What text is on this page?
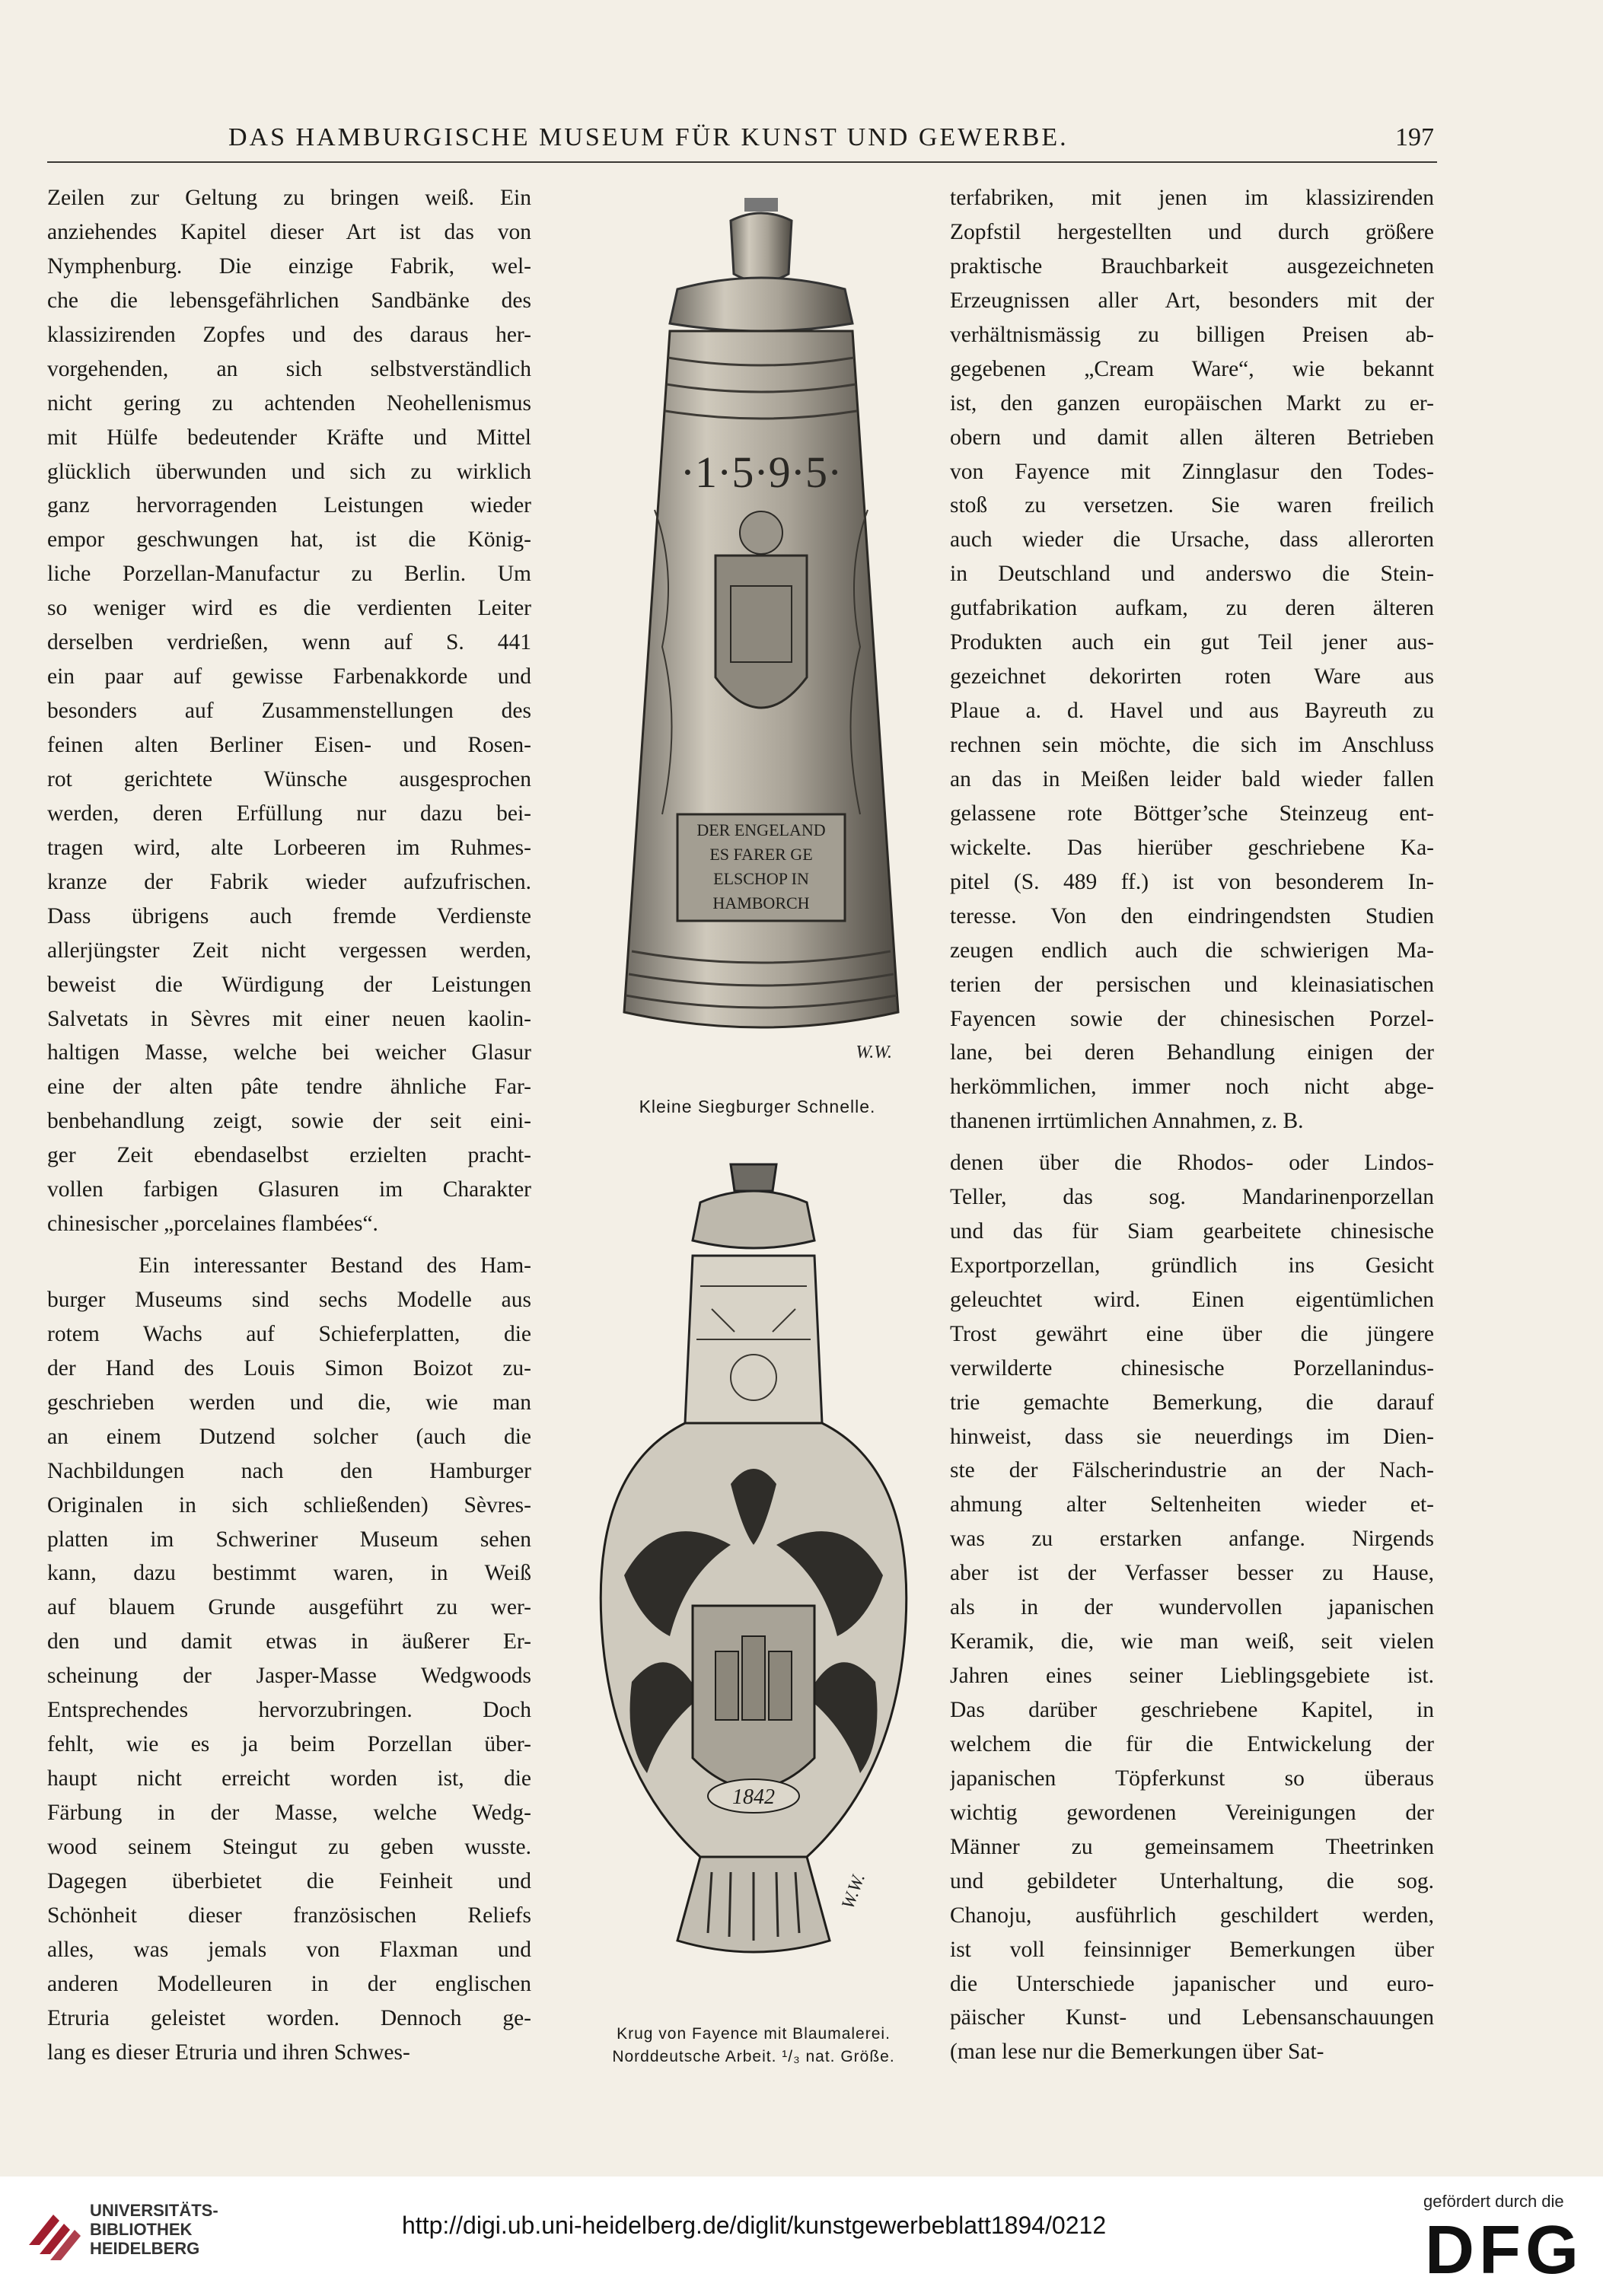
DAS HAMBURGISCHE MUSEUM FÜR KUNST UND GEWERBE.	197
Zeilen zur Geltung zu bringen weiß. Ein
anziehendes Kapitel dieser Art ist das von
Nymphenburg. Die einzige Fabrik, wel-
che die lebensgefährlichen Sandbänke des
klassizirenden Zopfes und des daraus her-
vorgehenden, an sich selbstverständlich
nicht gering zu achtenden Neohellenismus
mit Hülfe bedeutender Kräfte und Mittel
glücklich überwunden und sich zu wirklich
ganz hervorragenden Leistungen wieder
empor geschwungen hat, ist die König-
liche Porzellan-Manufactur zu Berlin. Um
so weniger wird es die verdienten Leiter
derselben verdrießen, wenn auf S. 441
ein paar auf gewisse Farbenakkorde und
besonders auf Zusammenstellungen des
feinen alten Berliner Eisen- und Rosen-
rot gerichtete Wünsche ausgesprochen
werden, deren Erfüllung nur dazu bei-
tragen wird, alte Lorbeeren im Ruhmes-
kranze der Fabrik wieder aufzufrischen.
Dass übrigens auch fremde Verdienste
allerjüngster Zeit nicht vergessen werden,
beweist die Würdigung der Leistungen
Salvetats in Sèvres mit einer neuen kaolin-
haltigen Masse, welche bei weicher Glasur
eine der alten pâte tendre ähnliche Far-
benbehandlung zeigt, sowie der seit eini-
ger Zeit ebendaselbst erzielten pracht-
vollen farbigen Glasuren im Charakter
chinesischer „porcelaines flambées“.
Ein interessanter Bestand des Ham-
burger Museums sind sechs Modelle aus
rotem Wachs auf Schieferplatten, die
der Hand des Louis Simon Boizot zu-
geschrieben werden und die, wie man
an einem Dutzend solcher (auch die
Nachbildungen nach den Hamburger
Originalen in sich schließenden) Sèvres-
platten im Schweriner Museum sehen
kann, dazu bestimmt waren, in Weiß
auf blauem Grunde ausgeführt zu wer-
den und damit etwas in äußerer Er-
scheinung der Jasper-Masse Wedgwoods
Entsprechendes hervorzubringen. Doch
fehlt, wie es ja beim Porzellan über-
haupt nicht erreicht worden ist, die
Färbung in der Masse, welche Wedg-
wood seinem Steingut zu geben wusste.
Dagegen überbietet die Feinheit und
Schönheit dieser französischen Reliefs
alles, was jemals von Flaxman und
anderen Modelleuren in der englischen
Etruria geleistet worden. Dennoch ge-
lang es dieser Etruria und ihren Schwes-
terfabriken, mit jenen im klassizirenden
Zopfstil hergestellten und durch größere
praktische Brauchbarkeit ausgezeichneten
Erzeugnissen aller Art, besonders mit der
verhältnismässig zu billigen Preisen ab-
gegebenen „Cream Ware“, wie bekannt
ist, den ganzen europäischen Markt zu er-
obern und damit allen älteren Betrieben
von Fayence mit Zinnglasur den Todes-
stoß zu versetzen. Sie waren freilich
auch wieder die Ursache, dass allerorten
in Deutschland und anderswo die Stein-
gutfabrikation aufkam, zu deren älteren
Produkten auch ein gut Teil jener aus-
gezeichnet dekorirten roten Ware aus
Plaue a. d. Havel und aus Bayreuth zu
rechnen sein möchte, die sich im Anschluss
an das in Meißen leider bald wieder fallen
gelassene rote Böttger’sche Steinzeug ent-
wickelte. Das hierüber geschriebene Ka-
pitel (S. 489 ff.) ist von besonderem In-
teresse. Von den eindringendsten Studien
zeugen endlich auch die schwierigen Ma-
terien der persischen und kleinasiatischen
Fayencen sowie der chinesischen Porzel-
lane, bei deren Behandlung einigen der
herkömmlichen, immer noch nicht abge-
thanenen irrtümlichen Annahmen, z. B.
denen über die Rhodos- oder Lindos-
Teller, das sog. Mandarinenporzellan
und das für Siam gearbeitete chinesische
Exportporzellan, gründlich ins Gesicht
geleuchtet wird. Einen eigentümlichen
Trost gewährt eine über die jüngere
verwilderte chinesische Porzellanindus-
trie gemachte Bemerkung, die darauf
hinweist, dass sie neuerdings im Dien-
ste der Fälscherindustrie an der Nach-
ahmung alter Seltenheiten wieder et-
was zu erstarken anfange. Nirgends
aber ist der Verfasser besser zu Hause,
als in der wundervollen japanischen
Keramik, die, wie man weiß, seit vielen
Jahren eines seiner Lieblingsgebiete ist.
Das darüber geschriebene Kapitel, in
welchem die für die Entwickelung der
japanischen Töpferkunst so überaus
wichtig gewordenen Vereinigungen der
Männer zu gemeinsamem Theetrinken
und gebildeter Unterhaltung, die sog.
Chanoju, ausführlich geschildert werden,
ist voll feinsinniger Bemerkungen über
die Unterschiede japanischer und euro-
päischer Kunst- und Lebensanschauungen
(man lese nur die Bemerkungen über Sat-
·1·5·9·5·
DER ENGELAND
ES FARER GE
ELSCHOP IN
HAMBORCH
W.W.
Kleine Siegburger Schnelle.
1842
W.W.
Krug von Fayence mit Blaumalerei.
Norddeutsche Arbeit. ¹/₃ nat. Größe.
UNIVERSITÄTS-
BIBLIOTHEK
HEIDELBERG
http://digi.ub.uni-heidelberg.de/diglit/kunstgewerbeblatt1894/0212
gefördert durch die
DFG
